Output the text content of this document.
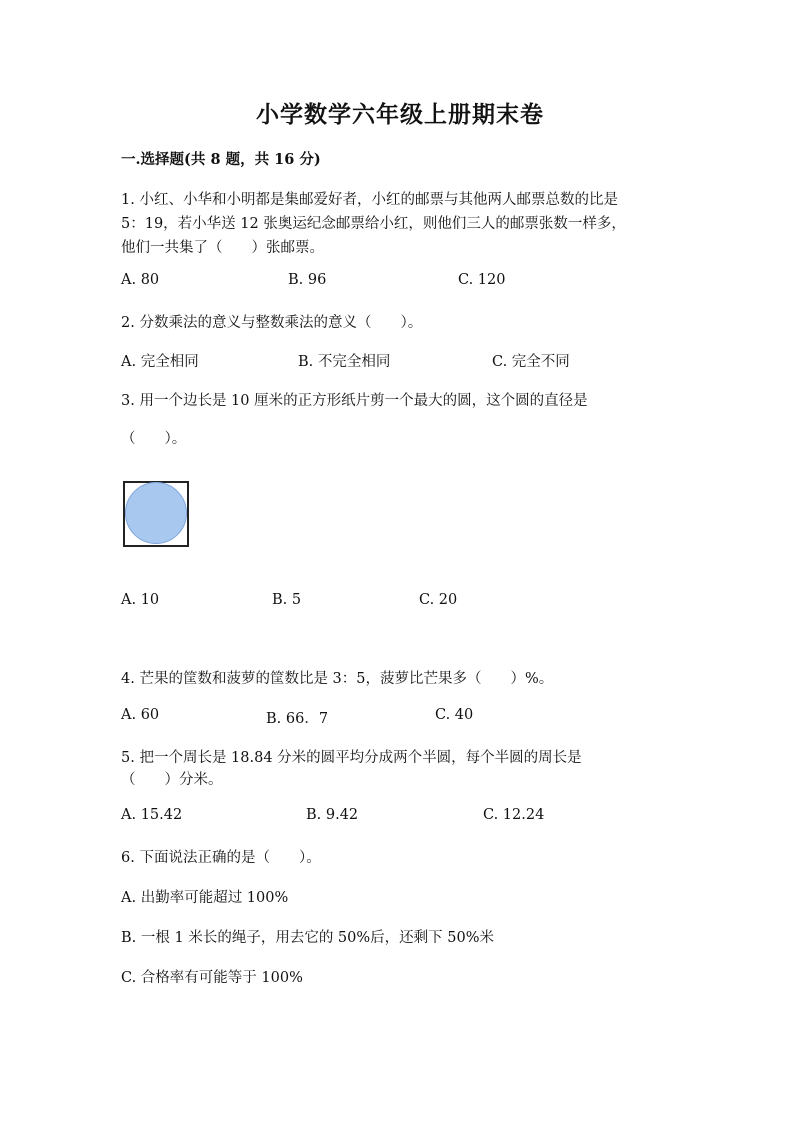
小学数学六年级上册期末卷
一.选择题(共 8 题，共 16 分)
1. 小红、小华和小明都是集邮爱好者，小红的邮票与其他两人邮票总数的比是
5：19，若小华送 12 张奥运纪念邮票给小红，则他们三人的邮票张数一样多，
他们一共集了（　　）张邮票。
A. 80	B. 96	C. 120
2. 分数乘法的意义与整数乘法的意义（　　）。
A. 完全相同	B. 不完全相同	C. 完全不同
3. 用一个边长是 10 厘米的正方形纸片剪一个最大的圆，这个圆的直径是
（　　）。
A. 10	B. 5	C. 20
4. 芒果的筐数和菠萝的筐数比是 3：5，菠萝比芒果多（　　）%。
A. 60	B. 66．7	C. 40
5. 把一个周长是 18.84 分米的圆平均分成两个半圆，每个半圆的周长是
（　　）分米。
A. 15.42	B. 9.42	C. 12.24
6. 下面说法正确的是（　　）。
A. 出勤率可能超过 100%
B. 一根 1 米长的绳子，用去它的 50%后，还剩下 50%米
C. 合格率有可能等于 100%
